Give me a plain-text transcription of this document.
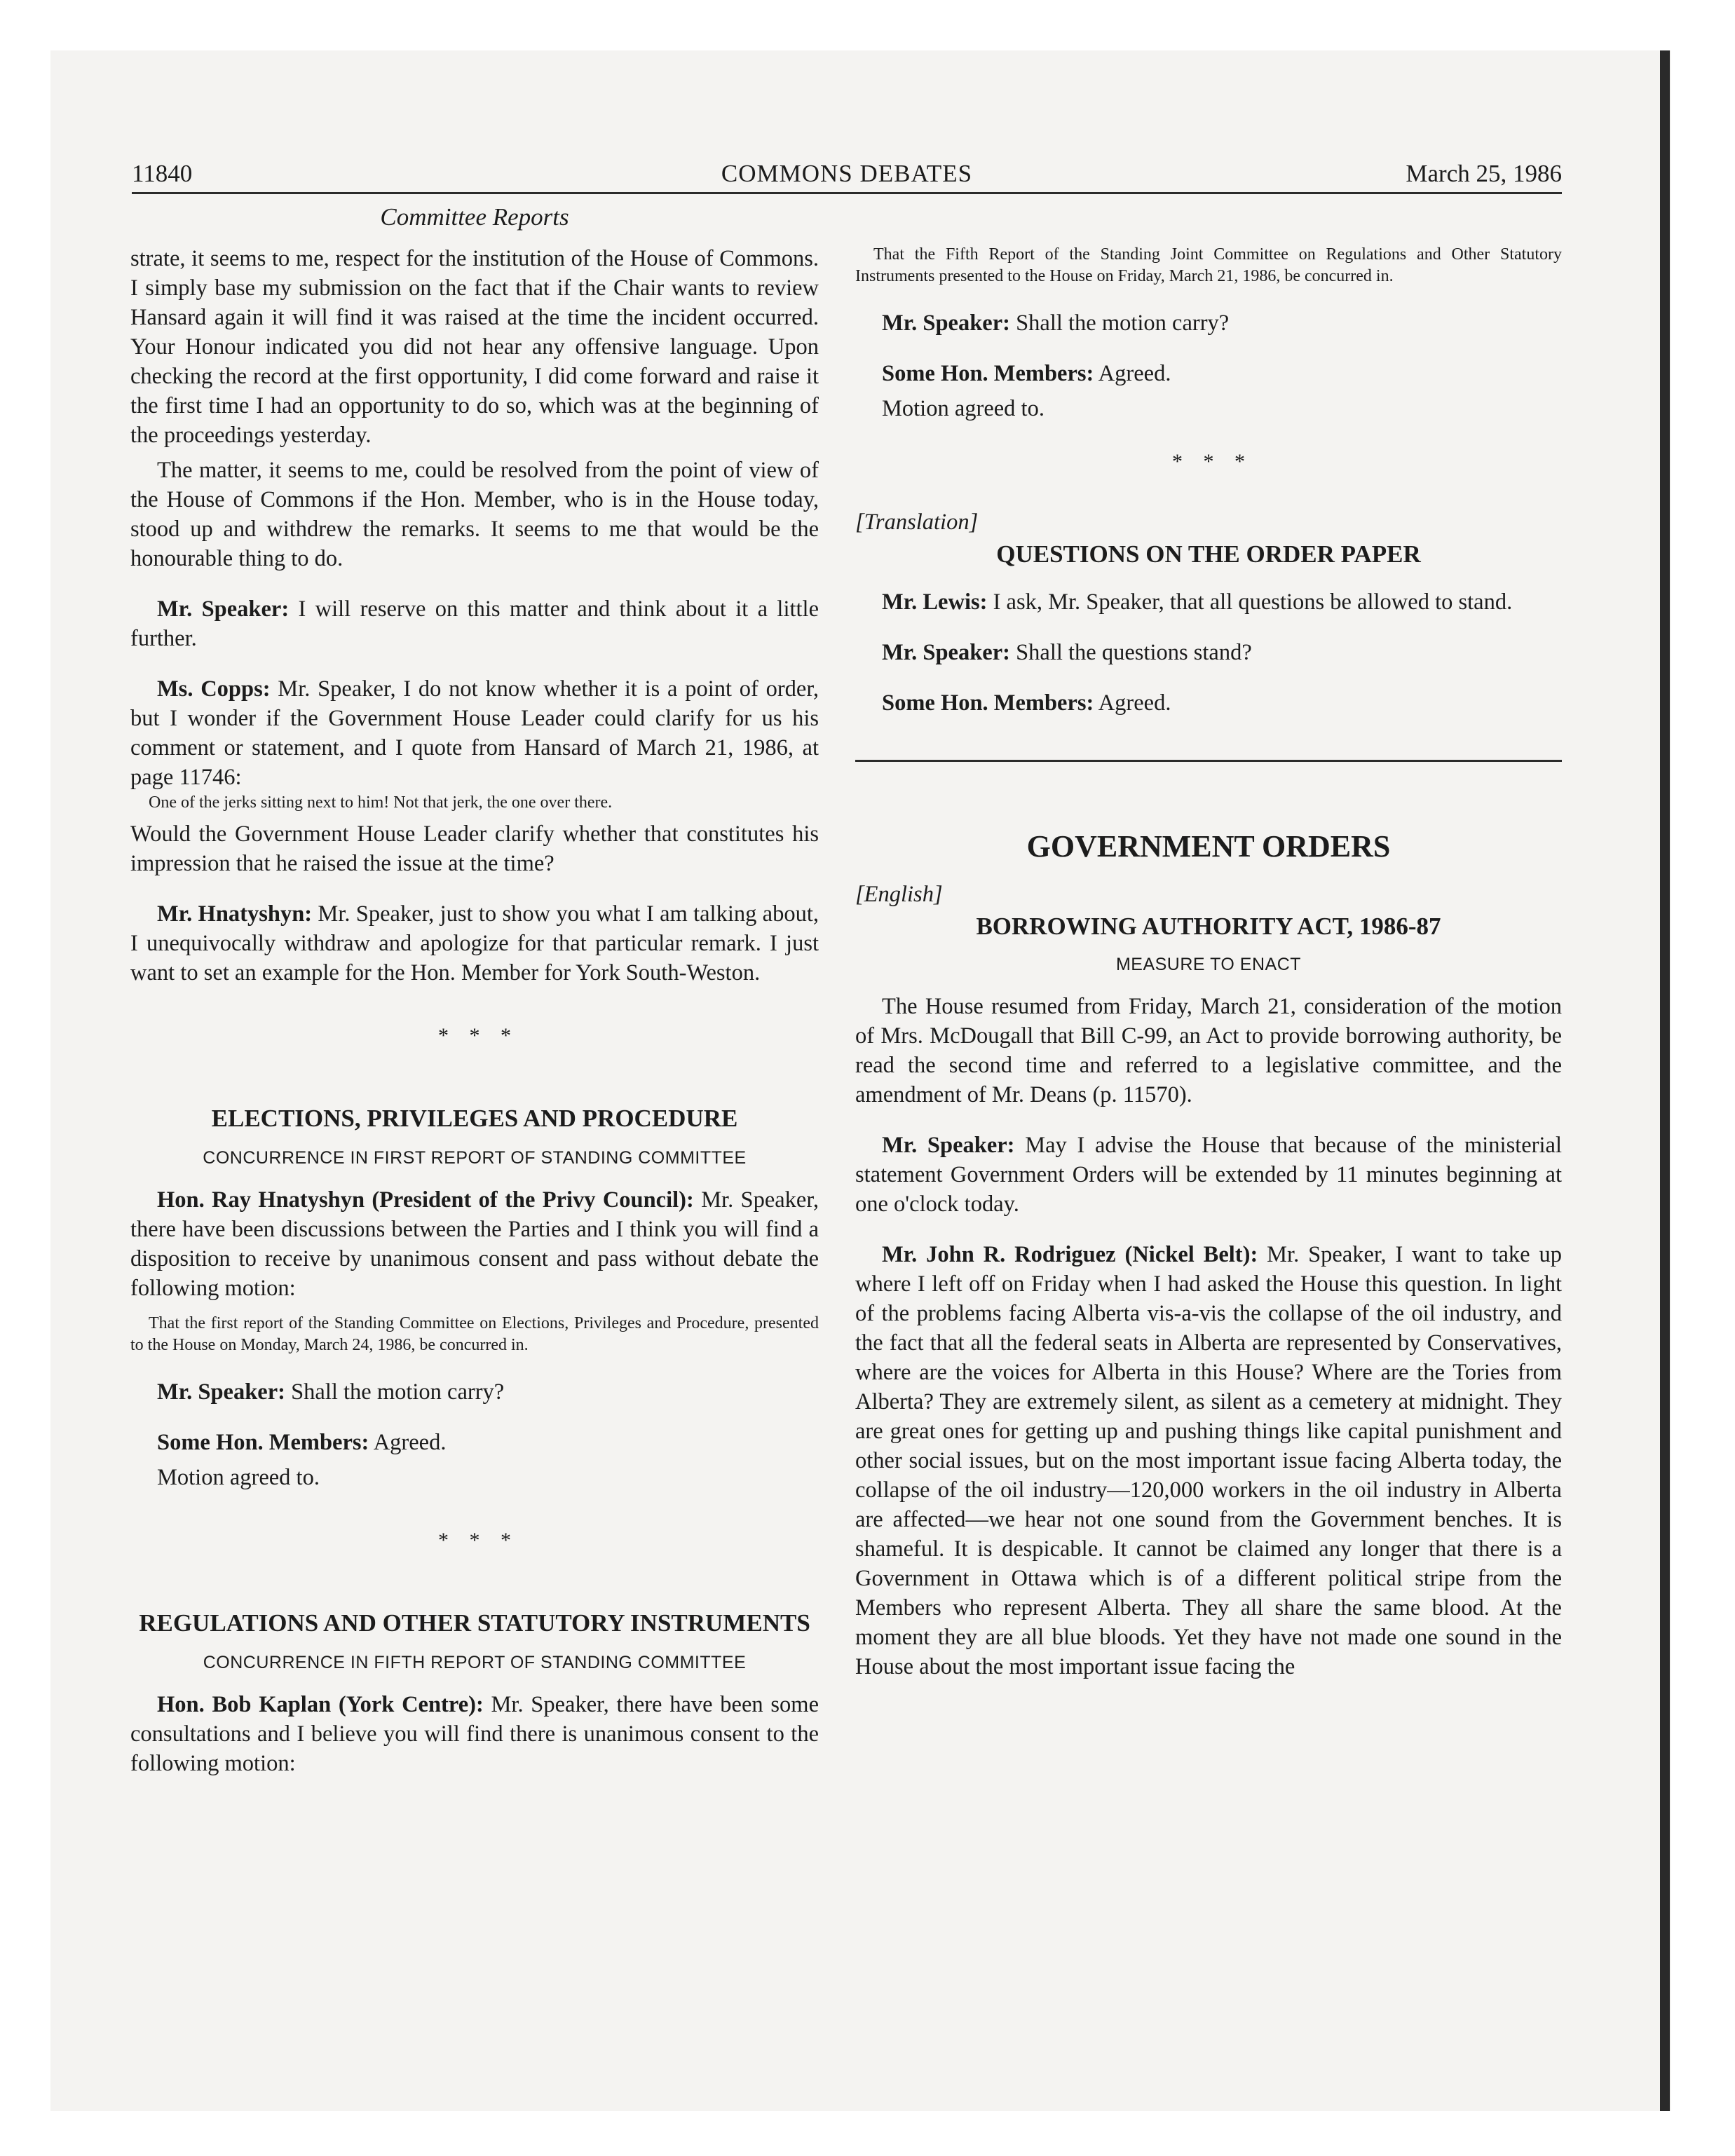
11840	COMMONS DEBATES	March 25, 1986
Committee Reports

strate, it seems to me, respect for the institution of the House of Commons. I simply base my submission on the fact that if the Chair wants to review Hansard again it will find it was raised at the time the incident occurred. Your Honour indicated you did not hear any offensive language. Upon checking the record at the first opportunity, I did come forward and raise it the first time I had an opportunity to do so, which was at the beginning of the proceedings yesterday.

The matter, it seems to me, could be resolved from the point of view of the House of Commons if the Hon. Member, who is in the House today, stood up and withdrew the remarks. It seems to me that would be the honourable thing to do.

Mr. Speaker: I will reserve on this matter and think about it a little further.

Ms. Copps: Mr. Speaker, I do not know whether it is a point of order, but I wonder if the Government House Leader could clarify for us his comment or statement, and I quote from Hansard of March 21, 1986, at page 11746:

One of the jerks sitting next to him! Not that jerk, the one over there.

Would the Government House Leader clarify whether that constitutes his impression that he raised the issue at the time?

Mr. Hnatyshyn: Mr. Speaker, just to show you what I am talking about, I unequivocally withdraw and apologize for that particular remark. I just want to set an example for the Hon. Member for York South-Weston.

* * *

ELECTIONS, PRIVILEGES AND PROCEDURE

CONCURRENCE IN FIRST REPORT OF STANDING COMMITTEE

Hon. Ray Hnatyshyn (President of the Privy Council): Mr. Speaker, there have been discussions between the Parties and I think you will find a disposition to receive by unanimous consent and pass without debate the following motion:

That the first report of the Standing Committee on Elections, Privileges and Procedure, presented to the House on Monday, March 24, 1986, be concurred in.

Mr. Speaker: Shall the motion carry?

Some Hon. Members: Agreed.

Motion agreed to.

* * *

REGULATIONS AND OTHER STATUTORY INSTRUMENTS

CONCURRENCE IN FIFTH REPORT OF STANDING COMMITTEE

Hon. Bob Kaplan (York Centre): Mr. Speaker, there have been some consultations and I believe you will find there is unanimous consent to the following motion:

That the Fifth Report of the Standing Joint Committee on Regulations and Other Statutory Instruments presented to the House on Friday, March 21, 1986, be concurred in.

Mr. Speaker: Shall the motion carry?

Some Hon. Members: Agreed.

Motion agreed to.

* * *

[Translation]

QUESTIONS ON THE ORDER PAPER

Mr. Lewis: I ask, Mr. Speaker, that all questions be allowed to stand.

Mr. Speaker: Shall the questions stand?

Some Hon. Members: Agreed.

GOVERNMENT ORDERS

[English]

BORROWING AUTHORITY ACT, 1986-87

MEASURE TO ENACT

The House resumed from Friday, March 21, consideration of the motion of Mrs. McDougall that Bill C-99, an Act to provide borrowing authority, be read the second time and referred to a legislative committee, and the amendment of Mr. Deans (p. 11570).

Mr. Speaker: May I advise the House that because of the ministerial statement Government Orders will be extended by 11 minutes beginning at one o'clock today.

Mr. John R. Rodriguez (Nickel Belt): Mr. Speaker, I want to take up where I left off on Friday when I had asked the House this question. In light of the problems facing Alberta vis-a-vis the collapse of the oil industry, and the fact that all the federal seats in Alberta are represented by Conservatives, where are the voices for Alberta in this House? Where are the Tories from Alberta? They are extremely silent, as silent as a cemetery at midnight. They are great ones for getting up and pushing things like capital punishment and other social issues, but on the most important issue facing Alberta today, the collapse of the oil industry—120,000 workers in the oil industry in Alberta are affected—we hear not one sound from the Government benches. It is shameful. It is despicable. It cannot be claimed any longer that there is a Government in Ottawa which is of a different political stripe from the Members who represent Alberta. They all share the same blood. At the moment they are all blue bloods. Yet they have not made one sound in the House about the most important issue facing the
